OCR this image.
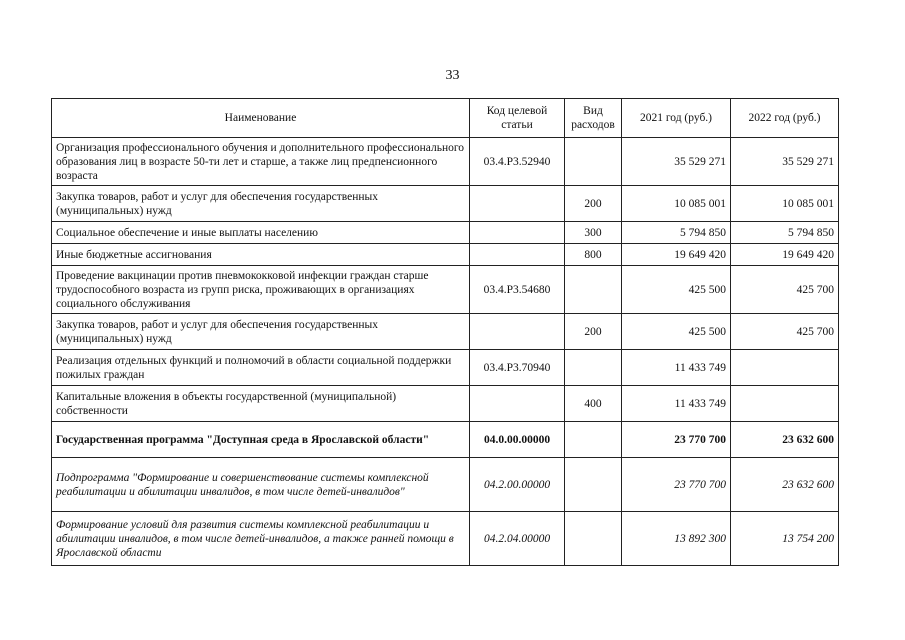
33
Наименование	Код целевой статьи	Вид расходов	2021 год (руб.)	2022 год (руб.)
Организация профессионального обучения и дополнительного профессионального образования лиц в возрасте 50-ти лет и старше, а также лиц предпенсионного возраста	03.4.P3.52940		35 529 271	35 529 271
Закупка товаров, работ и услуг для обеспечения государственных (муниципальных) нужд		200	10 085 001	10 085 001
Социальное обеспечение и иные выплаты населению		300	5 794 850	5 794 850
Иные бюджетные ассигнования		800	19 649 420	19 649 420
Проведение вакцинации против пневмококковой инфекции граждан старше трудоспособного возраста из групп риска, проживающих в организациях социального обслуживания	03.4.P3.54680		425 500	425 700
Закупка товаров, работ и услуг для обеспечения государственных (муниципальных) нужд		200	425 500	425 700
Реализация отдельных функций и полномочий в области социальной поддержки пожилых граждан	03.4.P3.70940		11 433 749	
Капитальные вложения в объекты государственной (муниципальной) собственности		400	11 433 749	
Государственная программа "Доступная среда в Ярославской области"	04.0.00.00000		23 770 700	23 632 600
Подпрограмма "Формирование и совершенствование системы комплексной реабилитации и абилитации инвалидов, в том числе детей-инвалидов"	04.2.00.00000		23 770 700	23 632 600
Формирование условий для развития системы комплексной реабилитации и абилитации инвалидов, в том числе детей-инвалидов, а также ранней помощи в Ярославской области	04.2.04.00000		13 892 300	13 754 200
